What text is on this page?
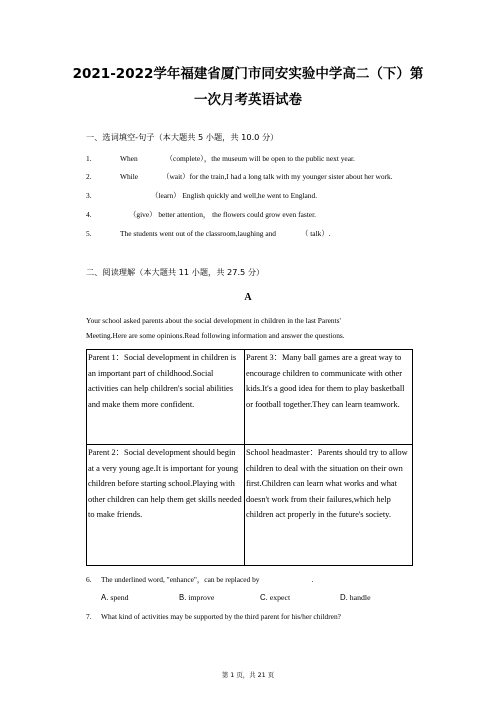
2021-2022学年福建省厦门市同安实验中学高二（下）第
一次月考英语试卷
一、选词填空-句子（本大题共 5 小题，共 10.0 分）
1.	When	（complete），the museum will be open to the public next year.
2.	While	（wait）for the train,I had a long talk with my younger sister about her work.
3.	（learn） English quickly and well,he went to England.
4.	（give） better attention， the flowers could grow even faster.
5.	The students went out of the classroom,laughing and	（ talk）.
二、阅读理解（本大题共 11 小题，共 27.5 分）
A
Your school asked parents about the social development in children in the last Parents'
Meeting.Here are some opinions.Read following information and answer the questions.
Parent 1：Social development in children is an important part of childhood.Social activities can help children's social abilities and make them more confident.	Parent 3：Many ball games are a great way to encourage children to communicate with other kids.It's a good idea for them to play basketball or football together.They can learn teamwork.
Parent 2：Social development should begin at a very young age.It is important for young children before starting school.Playing with other children can help them get skills needed to make friends.	School headmaster：Parents should try to allow children to deal with the situation on their own first.Children can learn what works and what doesn't work from their failures,which help children act properly in the future's society.
6. The underlined word, "enhance"，can be replaced by	.
A. spend	B. improve	C. expect	D. handle
7. What kind of activities may be supported by the third parent for his/her children?
第 1 页，共 21 页
